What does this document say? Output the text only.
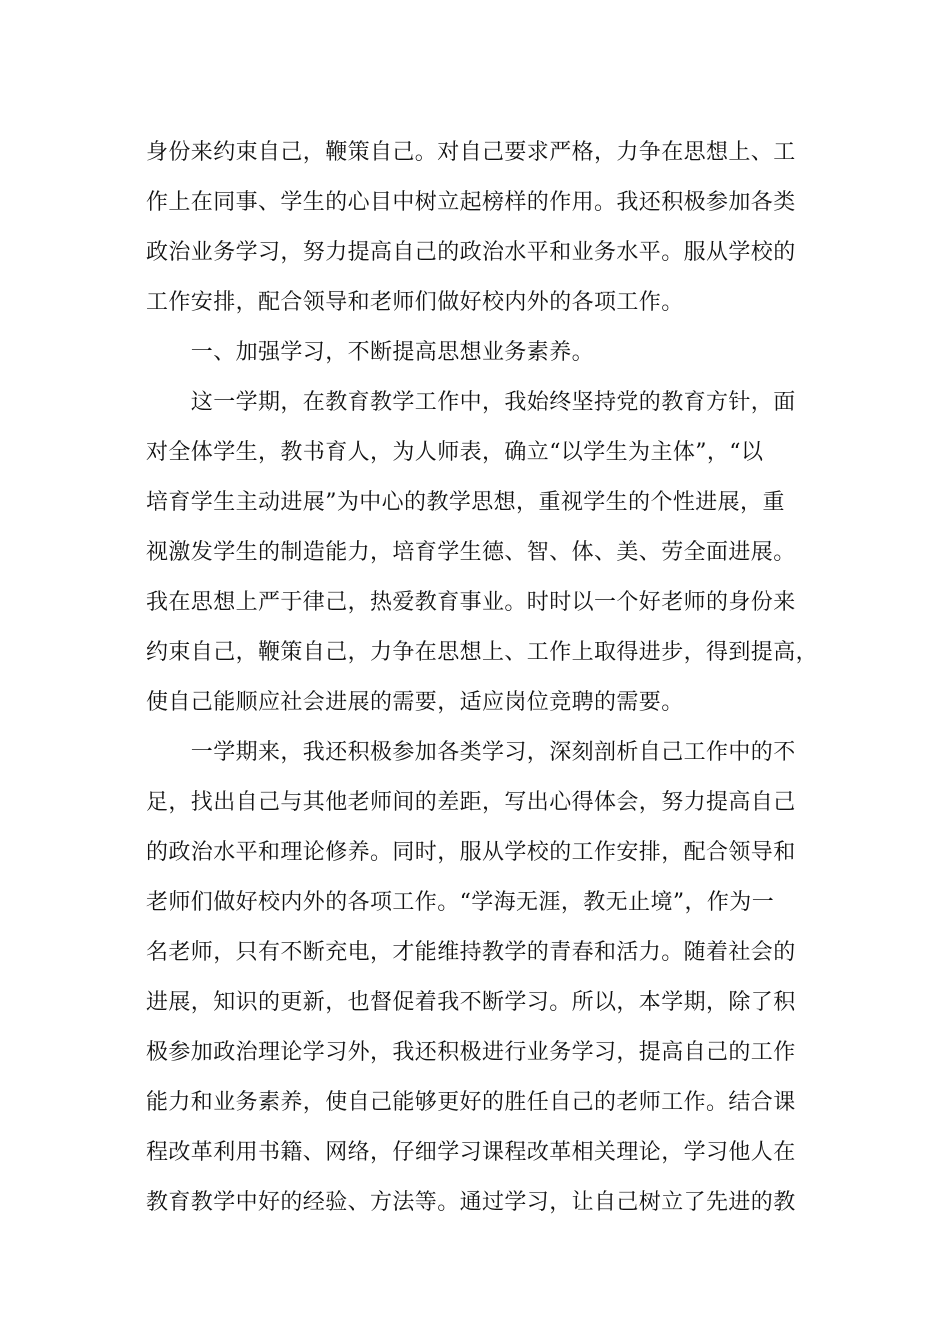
身份来约束自己，鞭策自己。对自己要求严格，力争在思想上、工
作上在同事、学生的心目中树立起榜样的作用。我还积极参加各类
政治业务学习，努力提高自己的政治水平和业务水平。服从学校的
工作安排，配合领导和老师们做好校内外的各项工作。
　　一、加强学习，不断提高思想业务素养。
　　这一学期，在教育教学工作中，我始终坚持党的教育方针，面
对全体学生，教书育人，为人师表，确立“以学生为主体”，“以
培育学生主动进展”为中心的教学思想，重视学生的个性进展，重
视激发学生的制造能力，培育学生德、智、体、美、劳全面进展。
我在思想上严于律己，热爱教育事业。时时以一个好老师的身份来
约束自己，鞭策自己，力争在思想上、工作上取得进步，得到提高，
使自己能顺应社会进展的需要，适应岗位竞聘的需要。
　　一学期来，我还积极参加各类学习，深刻剖析自己工作中的不
足，找出自己与其他老师间的差距，写出心得体会，努力提高自己
的政治水平和理论修养。同时，服从学校的工作安排，配合领导和
老师们做好校内外的各项工作。“学海无涯，教无止境”，作为一
名老师，只有不断充电，才能维持教学的青春和活力。随着社会的
进展，知识的更新，也督促着我不断学习。所以，本学期，除了积
极参加政治理论学习外，我还积极进行业务学习，提高自己的工作
能力和业务素养，使自己能够更好的胜任自己的老师工作。结合课
程改革利用书籍、网络，仔细学习课程改革相关理论，学习他人在
教育教学中好的经验、方法等。通过学习，让自己树立了先进的教
